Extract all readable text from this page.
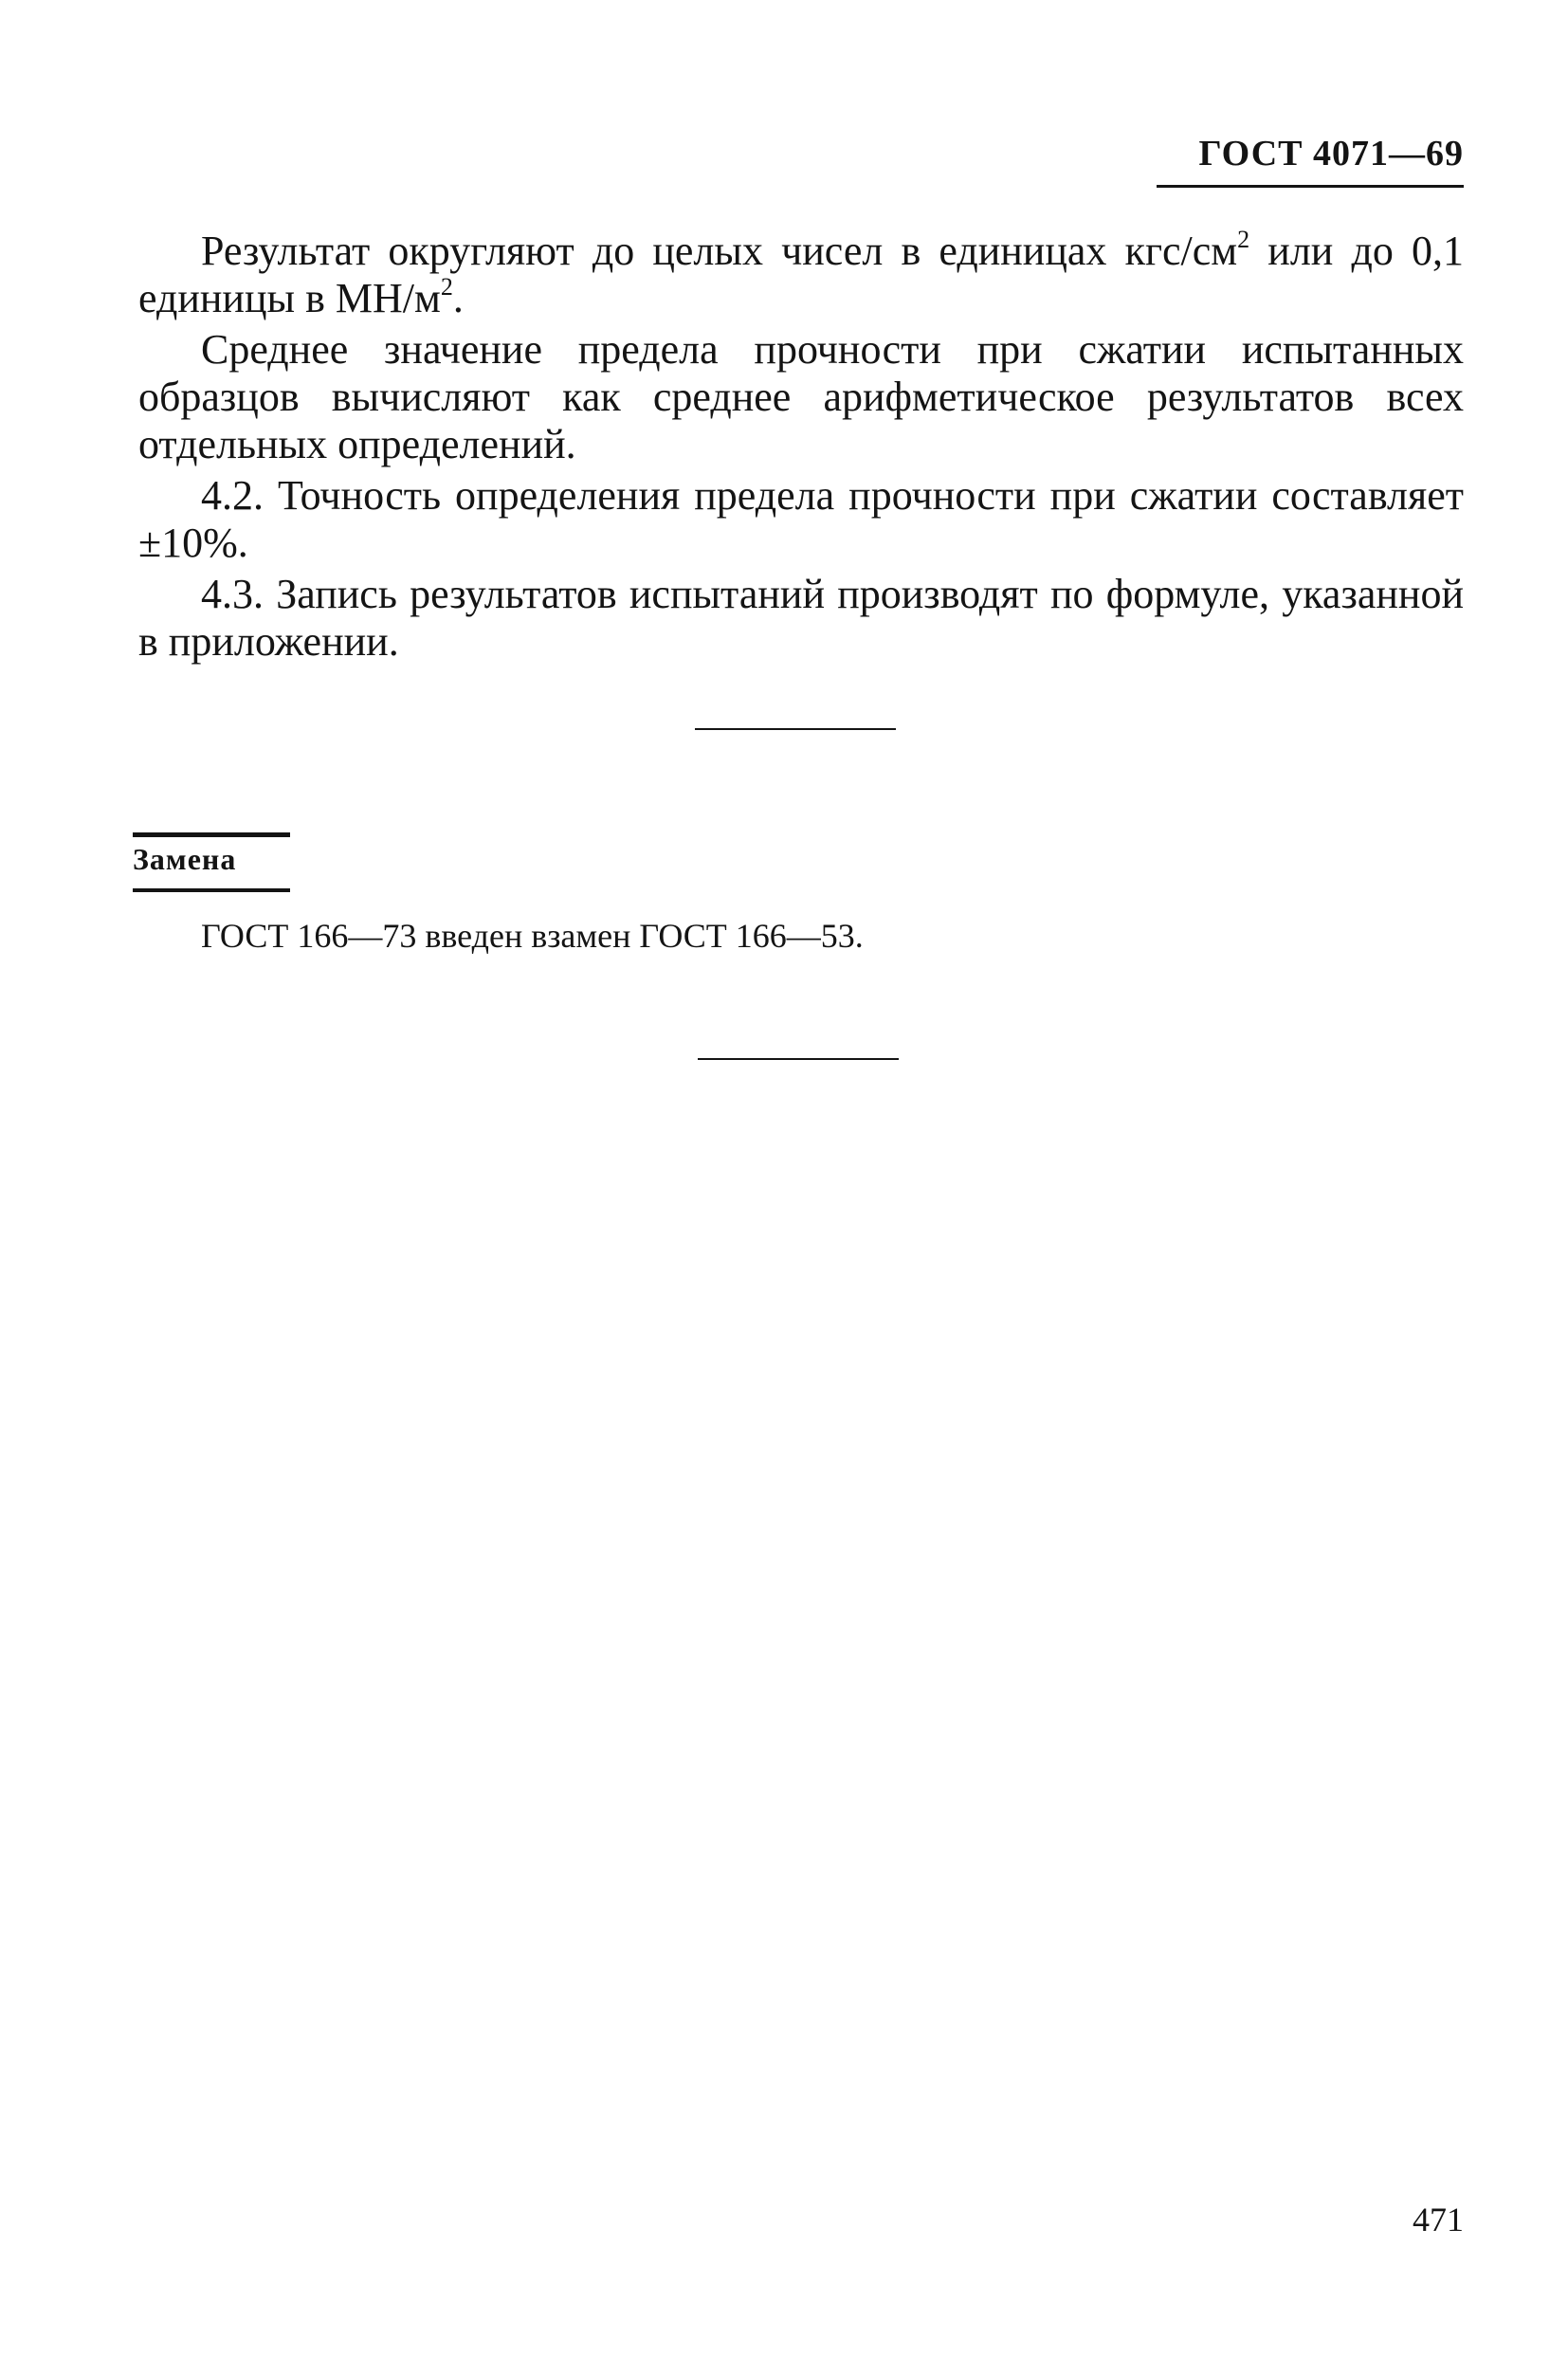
ГОСТ 4071—69

Результат округляют до целых чисел в единицах кгс/$см^2$ или до 0,1 единицы в $МН/м^2$.

Среднее значение предела прочности при сжатии испытанных образцов вычисляют как среднее арифметическое результатов всех отдельных определений.

4.2. Точность определения предела прочности при сжатии составляет ±10%.

4.3. Запись результатов испытаний производят по формуле, указанной в приложении.

Замена
ГОСТ 166—73 введен взамен ГОСТ 166—53.
471
